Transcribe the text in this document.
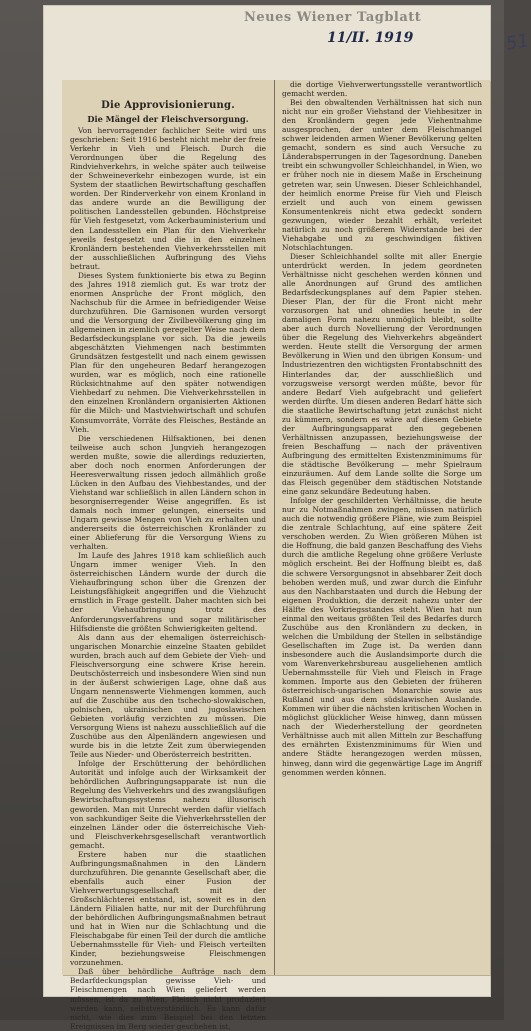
Neues Wiener Tagblatt
11/II. 1919	51
Die Approvisionierung.
Die Mängel der Fleischversorgung.

Von hervorragender fachlicher Seite wird uns geschrieben: Seit 1916 besteht nicht mehr der freie Verkehr in Vieh und Fleisch. Durch die Verordnungen über die Regelung des Rindviehverkehrs, in welche später auch teilweise der Schweineverkehr einbezogen wurde, ist ein System der staatlichen Bewirtschaftung geschaffen worden. Der Rinderverkehr von einem Kronland in das andere wurde an die Bewilligung der politischen Landesstellen gebunden. Höchstpreise für Vieh festgesetzt, vom Ackerbauministerium und den Landesstellen ein Plan für den Viehverkehr jeweils festgesetzt und die in den einzelnen Kronländern bestehenden Viehverkehrsstellen mit der ausschließlichen Aufbringung des Viehs betraut.

Dieses System funktionierte bis etwa zu Beginn des Jahres 1918 ziemlich gut. Es war trotz der enormen Ansprüche der Front möglich, den Nachschub für die Armee in befriedigender Weise durchzuführen. Die Garnisonen wurden versorgt und die Versorgung der Zivilbevölkerung ging im allgemeinen in ziemlich geregelter Weise nach dem Bedarfsdeckungsplane vor sich. Da die jeweils abgeschätzten Viehmengen nach bestimmten Grundsätzen festgestellt und nach einem gewissen Plan für den ungeheuren Bedarf herangezogen wurden, war es möglich, noch eine rationelle Rücksichtnahme auf den später notwendigen Viehbedarf zu nehmen. Die Viehverkehrsstellen in den einzelnen Kronländern organisierten Aktionen für die Milch- und Mastviehwirtschaft und schufen Konsumvorräte, Vorräte des Fleisches, Bestände an Vieh.

Die verschiedenen Hilfsaktionen, bei denen teilweise auch schon Jungvieh herangezogen werden mußte, sowie die allerdings reduzierten, aber doch noch enormen Anforderungen der Heeresverwaltung rissen jedoch allmählich große Lücken in den Aufbau des Viehbestandes, und der Viehstand war schließlich in allen Ländern schon in besorgniserregender Weise angegriffen. Es ist damals noch immer gelungen, einerseits und Ungarn gewisse Mengen von Vieh zu erhalten und andererseits die österreichischen Kronländer zu einer Ablieferung für die Versorgung Wiens zu verhalten.

Im Laufe des Jahres 1918 kam schließlich auch Ungarn immer weniger Vieh. In den österreichischen Ländern wurde der durch die Viehaufbringung schon über die Grenzen der Leistungsfähigkeit angegriffen und die Viehzucht ernstlich in Frage gestellt. Daher machten sich bei der Viehaufbringung trotz des Anforderungsverfahrens und sogar militärischer Hilfsdienste die größten Schwierigkeiten geltend.

Als dann aus der ehemaligen österreichisch-ungarischen Monarchie einzelne Staaten gebildet wurden, brach auch auf dem Gebiete der Vieh- und Fleischversorgung eine schwere Krise herein. Deutschösterreich und insbesondere Wien sind nun in der äußerst schwierigen Lage, ohne daß aus Ungarn nennenswerte Viehmengen kommen, auch auf die Zuschübe aus den tschecho-slowakischen, polnischen, ukrainischen und jugoslawischen Gebieten vorläufig verzichten zu müssen. Die Versorgung Wiens ist nahezu ausschließlich auf die Zuschübe aus den Alpenländern angewiesen und wurde bis in die letzte Zeit zum überwiegenden Teile aus Nieder- und Oberösterreich bestritten.

Infolge der Erschütterung der behördlichen Autorität und infolge auch der Wirksamkeit der behördlichen Aufbringungsapparate ist nun die Regelung des Viehverkehrs und des zwangsläufigen Bewirtschaftungssystems nahezu illusorisch geworden. Man mit Unrecht werden dafür vielfach von sachkundiger Seite die Viehverkehrsstellen der einzelnen Länder oder die österreichische Vieh- und Fleischverkehrsgesellschaft verantwortlich gemacht.

Erstere haben nur die staatlichen Aufbringungsmaßnahmen in den Ländern durchzuführen. Die genannte Gesellschaft aber, die ebenfalls auch einer Fusion der Viehverwertungsgesellschaft mit der Großschlächterei entstand, ist, soweit es in den Ländern Filialen hatte, nur mit der Durchführung der behördlichen Aufbringungsmaßnahmen betraut und hat in Wien nur die Schlachtung und die Fleischabgabe für einen Teil der durch die amtliche Uebernahmsstelle für Vieh- und Fleisch verteilten Kinder, beziehungsweise Fleischmengen vorzunehmen.

Daß über behördliche Aufträge nach dem Bedarfdeckungsplan gewisse Vieh- und Fleischmengen nach Wien geliefert werden müssen, ist da zu Wien, Fleisch nicht produziert werden kann, selbstverständlich. Es kann dafür nicht, wie dies zum Beispiel bei den letzten Ereignissen im Berg wieder geschehen ist,

die dortige Viehverwertungsstelle verantwortlich gemacht werden.

Bei den obwaltenden Verhältnissen hat sich nun nicht nur ein großer Viehstand der Viehbesitzer in den Kronländern gegen jede Viehentnahme ausgesprochen, der unter dem Fleischmangel schwer leidenden armen Wiener Bevölkerung gelten gemacht, sondern es sind auch Versuche zu Länderabsperrungen in der Tagesordnung. Daneben treibt ein schwungvoller Schleichhandel, in Wien, wo er früher noch nie in diesem Maße in Erscheinung getreten war, sein Unwesen. Dieser Schleichhandel, der heimlich enorme Preise für Vieh und Fleisch erzielt und auch von einem gewissen Konsumentenkreis nicht etwa gedeckt sondern gezwungen, wieder bezahlt erhält, verleitet natürlich zu noch größerem Widerstande bei der Viehabgabe und zu geschwindigen fiktiven Notschlachtungen.

Dieser Schleichhandel sollte mit aller Energie unterdrückt werden. In jedem geordneten Verhältnisse nicht geschehen werden können und alle Anordnungen auf Grund des amtlichen Bedarfsdeckungsplanes auf dem Papier stehen. Dieser Plan, der für die Front nicht mehr vorzusorgen hat und ohnedies heute in der damaligen Form nahezu unmöglich bleibt, sollte aber auch durch Novellierung der Verordnungen über die Regelung des Viehverkehrs abgeändert werden. Heute stellt die Versorgung der armen Bevölkerung in Wien und den übrigen Konsum- und Industriezentren den wichtigsten Frontabschnitt des Hinterlandes dar, der ausschließlich und vorzugsweise versorgt werden müßte, bevor für andere Bedarf Vieh aufgebracht und geliefert werden dürfte. Um diesen anderen Bedarf hätte sich die staatliche Bewirtschaftung jetzt zunächst nicht zu kümmern, sondern es wäre auf diesem Gebiete der Aufbringungsapparat den gegebenen Verhältnissen anzupassen, beziehungsweise der freien Beschaffung — nach der präventiven Aufbringung des ermittelten Existenzminimums für die städtische Bevölkerung — mehr Spielraum einzuräumen. Auf dem Lande sollte die Sorge um das Fleisch gegenüber dem städtischen Notstande eine ganz sekundäre Bedeutung haben.

Infolge der geschilderten Verhältnisse, die heute nur zu Notmaßnahmen zwingen, müssen natürlich auch die notwendig größere Pläne, wie zum Beispiel die zentrale Schlachtung, auf eine spätere Zeit verschoben werden. Zu Wien größeren Mühen ist die Hoffnung, die bald ganzen Beschaffung des Viehs durch die amtliche Regelung ohne größere Verluste möglich erscheint. Bei der Hoffnung bleibt es, daß die schwere Versorgungsnot in absehbarer Zeit doch behoben werden muß, und zwar durch die Einfuhr aus den Nachbarstaaten und durch die Hebung der eigenen Produktion, die derzeit nahezu unter der Hälfte des Vorkriegsstandes steht. Wien hat nun einmal den weitaus größten Teil des Bedarfes durch Zuschübe aus den Kronländern zu decken, in welchen die Umbildung der Stellen in selbständige Gesellschaften im Zuge ist. Da werden dann insbesondere auch die Auslandsimporte durch die vom Warenverkehrsbureau ausgeliehenen amtlich Uebernahmsstelle für Vieh und Fleisch in Frage kommen. Importe aus den Gebieten der früheren österreichisch-ungarischen Monarchie sowie aus Rußland und aus dem südslawischen Auslande. Kommen wir über die nächsten kritischen Wochen in möglichst glücklicher Weise hinweg, dann müssen nach der Wiederherstellung der geordneten Verhältnisse auch mit allen Mitteln zur Beschaffung des ernährten Existenzminimums für Wien und andere Städte herangezogen werden müssen, hinweg, dann wird die gegenwärtige Lage im Angriff genommen werden können.
